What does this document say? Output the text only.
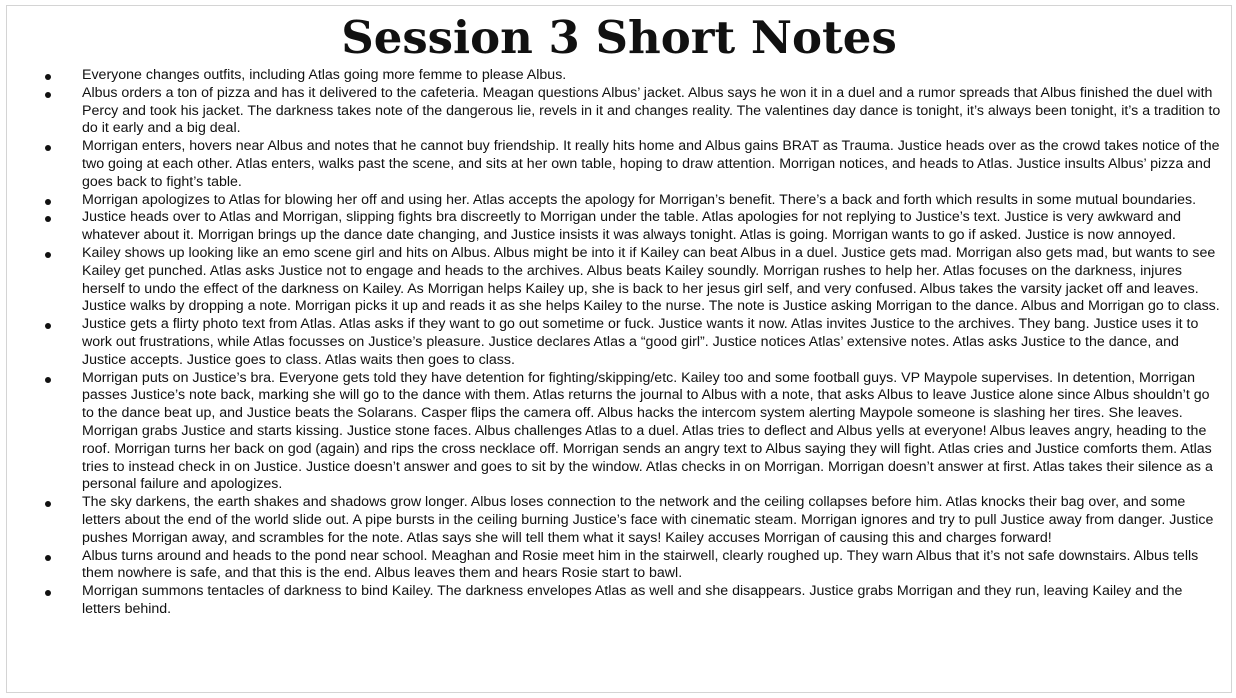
Session 3 Short Notes
Everyone changes outfits, including Atlas going more femme to please Albus.
Albus orders a ton of pizza and has it delivered to the cafeteria. Meagan questions Albus’ jacket. Albus says he won it in a duel and a rumor spreads that Albus finished the duel with Percy and took his jacket. The darkness takes note of the dangerous lie, revels in it and changes reality. The valentines day dance is tonight, it’s always been tonight, it’s a tradition to do it early and a big deal.
Morrigan enters, hovers near Albus and notes that he cannot buy friendship. It really hits home and Albus gains BRAT as Trauma. Justice heads over as the crowd takes notice of the two going at each other. Atlas enters, walks past the scene, and sits at her own table, hoping to draw attention. Morrigan notices, and heads to Atlas. Justice insults Albus’ pizza and goes back to fight’s table.
Morrigan apologizes to Atlas for blowing her off and using her. Atlas accepts the apology for Morrigan’s benefit. There’s a back and forth which results in some mutual boundaries.
Justice heads over to Atlas and Morrigan, slipping fights bra discreetly to Morrigan under the table. Atlas apologies for not replying to Justice’s text. Justice is very awkward and whatever about it. Morrigan brings up the dance date changing, and Justice insists it was always tonight. Atlas is going. Morrigan wants to go if asked. Justice is now annoyed.
Kailey shows up looking like an emo scene girl and hits on Albus. Albus might be into it if Kailey can beat Albus in a duel. Justice gets mad. Morrigan also gets mad, but wants to see Kailey get punched. Atlas asks Justice not to engage and heads to the archives. Albus beats Kailey soundly. Morrigan rushes to help her. Atlas focuses on the darkness, injures herself to undo the effect of the darkness on Kailey. As Morrigan helps Kailey up, she is back to her jesus girl self, and very confused. Albus takes the varsity jacket off and leaves. Justice walks by dropping a note. Morrigan picks it up and reads it as she helps Kailey to the nurse. The note is Justice asking Morrigan to the dance. Albus and Morrigan go to class.
Justice gets a flirty photo text from Atlas. Atlas asks if they want to go out sometime or fuck. Justice wants it now. Atlas invites Justice to the archives. They bang. Justice uses it to work out frustrations, while Atlas focusses on Justice’s pleasure. Justice declares Atlas a “good girl”. Justice notices Atlas’ extensive notes. Atlas asks Justice to the dance, and Justice accepts. Justice goes to class. Atlas waits then goes to class.
Morrigan puts on Justice’s bra. Everyone gets told they have detention for fighting/skipping/etc. Kailey too and some football guys. VP Maypole supervises. In detention, Morrigan passes Justice’s note back, marking she will go to the dance with them. Atlas returns the journal to Albus with a note, that asks Albus to leave Justice alone since Albus shouldn’t go to the dance beat up, and Justice beats the Solarans. Casper flips the camera off. Albus hacks the intercom system alerting Maypole someone is slashing her tires. She leaves. Morrigan grabs Justice and starts kissing. Justice stone faces. Albus challenges Atlas to a duel. Atlas tries to deflect and Albus yells at everyone! Albus leaves angry, heading to the roof. Morrigan turns her back on god (again) and rips the cross necklace off. Morrigan sends an angry text to Albus saying they will fight. Atlas cries and Justice comforts them. Atlas tries to instead check in on Justice. Justice doesn’t answer and goes to sit by the window. Atlas checks in on Morrigan. Morrigan doesn’t answer at first. Atlas takes their silence as a personal failure and apologizes.
The sky darkens, the earth shakes and shadows grow longer. Albus loses connection to the network and the ceiling collapses before him. Atlas knocks their bag over, and some letters about the end of the world slide out. A pipe bursts in the ceiling burning Justice’s face with cinematic steam. Morrigan ignores and try to pull Justice away from danger. Justice pushes Morrigan away, and scrambles for the note. Atlas says she will tell them what it says! Kailey accuses Morrigan of causing this and charges forward!
Albus turns around and heads to the pond near school. Meaghan and Rosie meet him in the stairwell, clearly roughed up. They warn Albus that it’s not safe downstairs. Albus tells them nowhere is safe, and that this is the end. Albus leaves them and hears Rosie start to bawl.
Morrigan summons tentacles of darkness to bind Kailey. The darkness envelopes Atlas as well and she disappears. Justice grabs Morrigan and they run, leaving Kailey and the letters behind.
